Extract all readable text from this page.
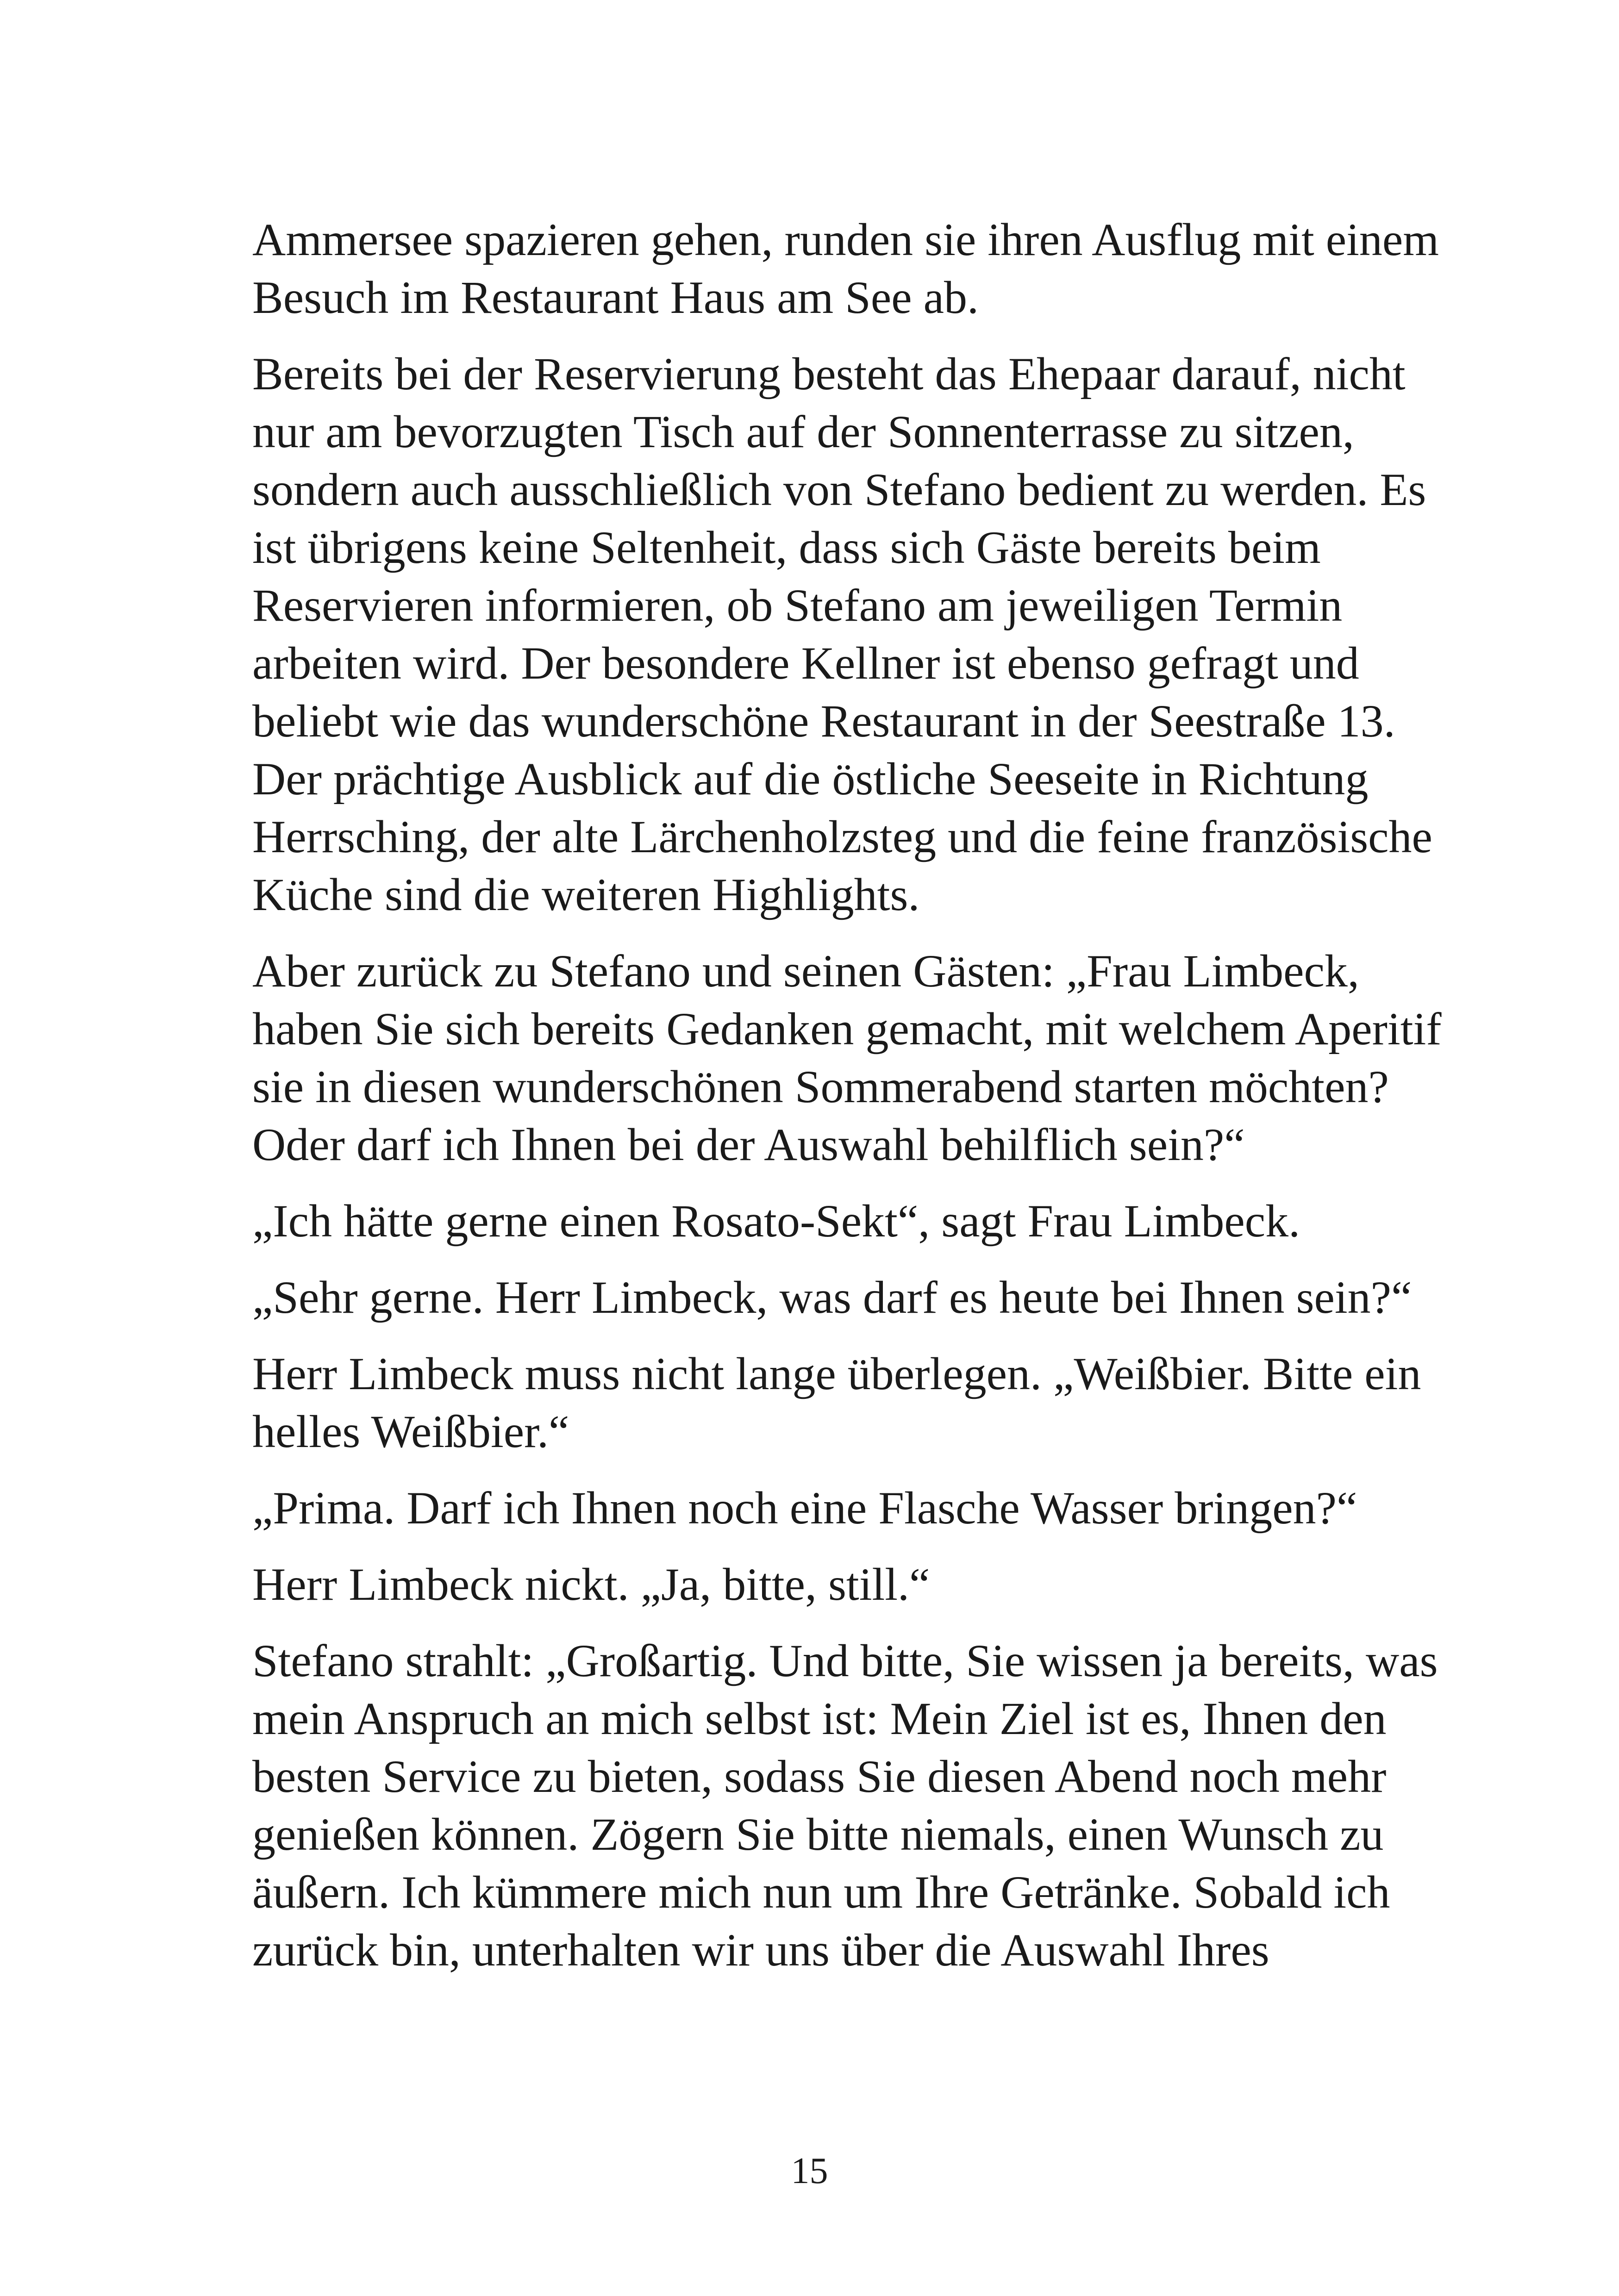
Ammersee spazieren gehen, runden sie ihren Ausflug mit einem
Besuch im Restaurant Haus am See ab.
Bereits bei der Reservierung besteht das Ehepaar darauf, nicht
nur am bevorzugten Tisch auf der Sonnenterrasse zu sitzen,
sondern auch ausschließlich von Stefano bedient zu werden. Es
ist übrigens keine Seltenheit, dass sich Gäste bereits beim
Reservieren informieren, ob Stefano am jeweiligen Termin
arbeiten wird. Der besondere Kellner ist ebenso gefragt und
beliebt wie das wunderschöne Restaurant in der Seestraße 13.
Der prächtige Ausblick auf die östliche Seeseite in Richtung
Herrsching, der alte Lärchenholzsteg und die feine französische
Küche sind die weiteren Highlights.
Aber zurück zu Stefano und seinen Gästen: „Frau Limbeck,
haben Sie sich bereits Gedanken gemacht, mit welchem Aperitif
sie in diesen wunderschönen Sommerabend starten möchten?
Oder darf ich Ihnen bei der Auswahl behilflich sein?“
„Ich hätte gerne einen Rosato-Sekt“, sagt Frau Limbeck.
„Sehr gerne. Herr Limbeck, was darf es heute bei Ihnen sein?“
Herr Limbeck muss nicht lange überlegen. „Weißbier. Bitte ein
helles Weißbier.“
„Prima. Darf ich Ihnen noch eine Flasche Wasser bringen?“
Herr Limbeck nickt. „Ja, bitte, still.“
Stefano strahlt: „Großartig. Und bitte, Sie wissen ja bereits, was
mein Anspruch an mich selbst ist: Mein Ziel ist es, Ihnen den
besten Service zu bieten, sodass Sie diesen Abend noch mehr
genießen können. Zögern Sie bitte niemals, einen Wunsch zu
äußern. Ich kümmere mich nun um Ihre Getränke. Sobald ich
zurück bin, unterhalten wir uns über die Auswahl Ihres
15
